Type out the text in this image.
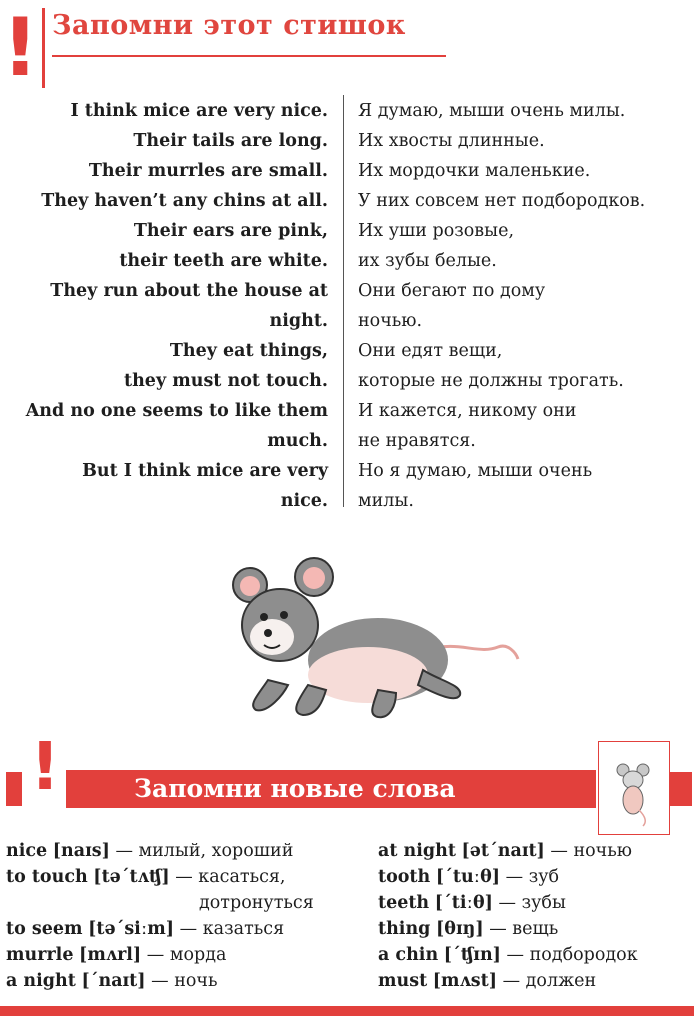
! Запомни этот стишок
I think mice are very nice.
Their tails are long.
Their murrles are small.
They haven’t any chins at all.
Their ears are pink,
their teeth are white.
They run about the house at
night.
They eat things,
they must not touch.
And no one seems to like them
much.
But I think mice are very
nice.
Я думаю, мыши очень милы.
Их хвосты длинные.
Их мордочки маленькие.
У них совсем нет подбородков.
Их уши розовые,
их зубы белые.
Они бегают по дому
ночью.
Они едят вещи,
которые не должны трогать.
И кажется, никому они
не нравятся.
Но я думаю, мыши очень
милы.
!	Запомни новые слова
nice [naɪs] — милый, хороший
to touch [tə´tʌʧ] — касаться,
дотронуться
to seem [tə´siːm] — казаться
murrle [mʌrl] — морда
a night [´naɪt] — ночь
at night [ət´naɪt] — ночью
tooth [´tuːθ] — зуб
teeth [´tiːθ] — зубы
thing [θɪŋ] — вещь
a chin [´ʧɪn] — подбородок
must [mʌst] — должен
